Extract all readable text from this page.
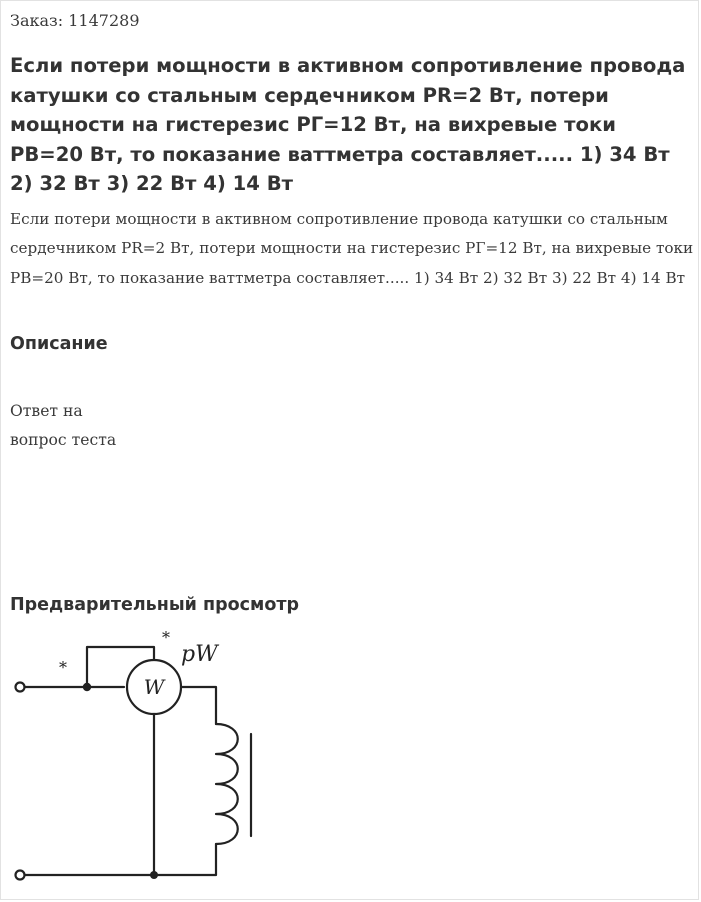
Заказ: 1147289
Если потери мощности в активном сопротивление провода катушки со стальным сердечником PR=2 Вт, потери мощности на гистерезис PГ=12 Вт, на вихревые токи PВ=20 Вт, то показание ваттметра составляет..... 1) 34 Вт 2) 32 Вт 3) 22 Вт 4) 14 Вт
Если потери мощности в активном сопротивление провода катушки со стальным сердечником PR=2 Вт, потери мощности на гистерезис PГ=12 Вт, на вихревые токи PВ=20 Вт, то показание ваттметра составляет..... 1) 34 Вт 2) 32 Вт 3) 22 Вт 4) 14 Вт
Описание
Ответ на
вопрос теста
Предварительный просмотр
W
pW
*
*
